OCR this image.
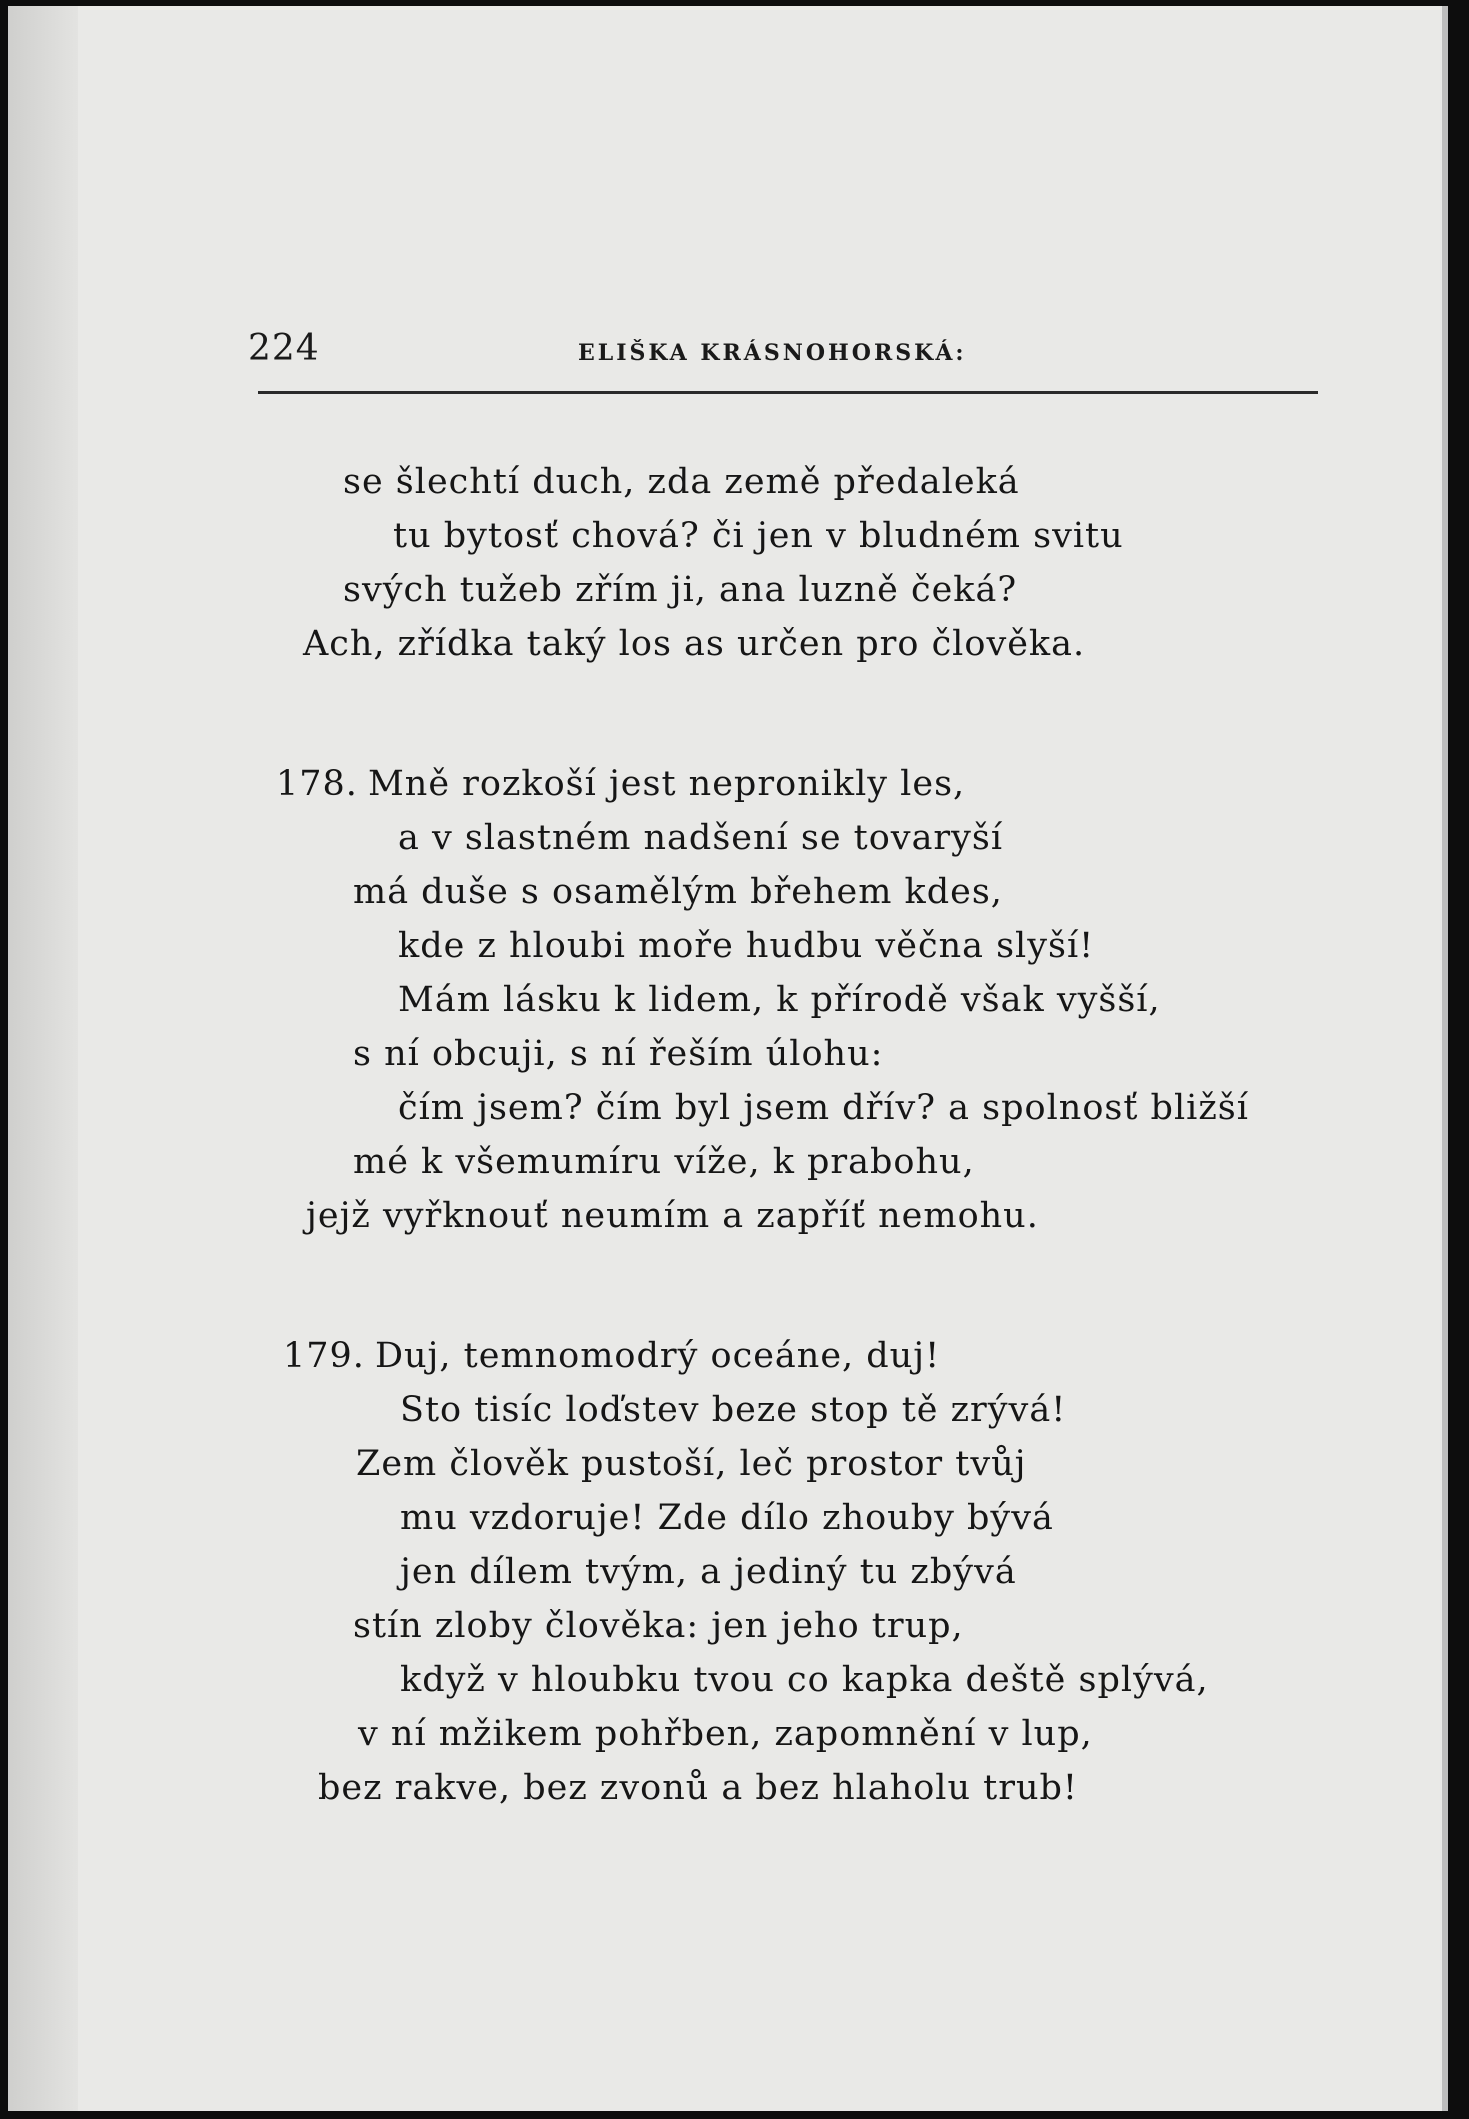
224	ELIŠKA KRÁSNOHORSKÁ:
se šlechtí duch, zda země předaleká
tu bytosť chová? či jen v bludném svitu
svých tužeb zřím ji, ana luzně čeká?
Ach, zřídka taký los as určen pro člověka.
178. Mně rozkoší jest nepronikly les,
a v slastném nadšení se tovaryší
má duše s osamělým břehem kdes,
kde z hloubi moře hudbu věčna slyší!
Mám lásku k lidem, k přírodě však vyšší,
s ní obcuji, s ní řeším úlohu:
čím jsem? čím byl jsem dřív? a spolnosť bližší
mé k všemumíru víže, k prabohu,
jejž vyřknouť neumím a zapříť nemohu.
179. Duj, temnomodrý oceáne, duj!
Sto tisíc loďstev beze stop tě zrývá!
Zem člověk pustoší, leč prostor tvůj
mu vzdoruje! Zde dílo zhouby bývá
jen dílem tvým, a jediný tu zbývá
stín zloby člověka: jen jeho trup,
když v hloubku tvou co kapka deště splývá,
v ní mžikem pohřben, zapomnění v lup,
bez rakve, bez zvonů a bez hlaholu trub!
